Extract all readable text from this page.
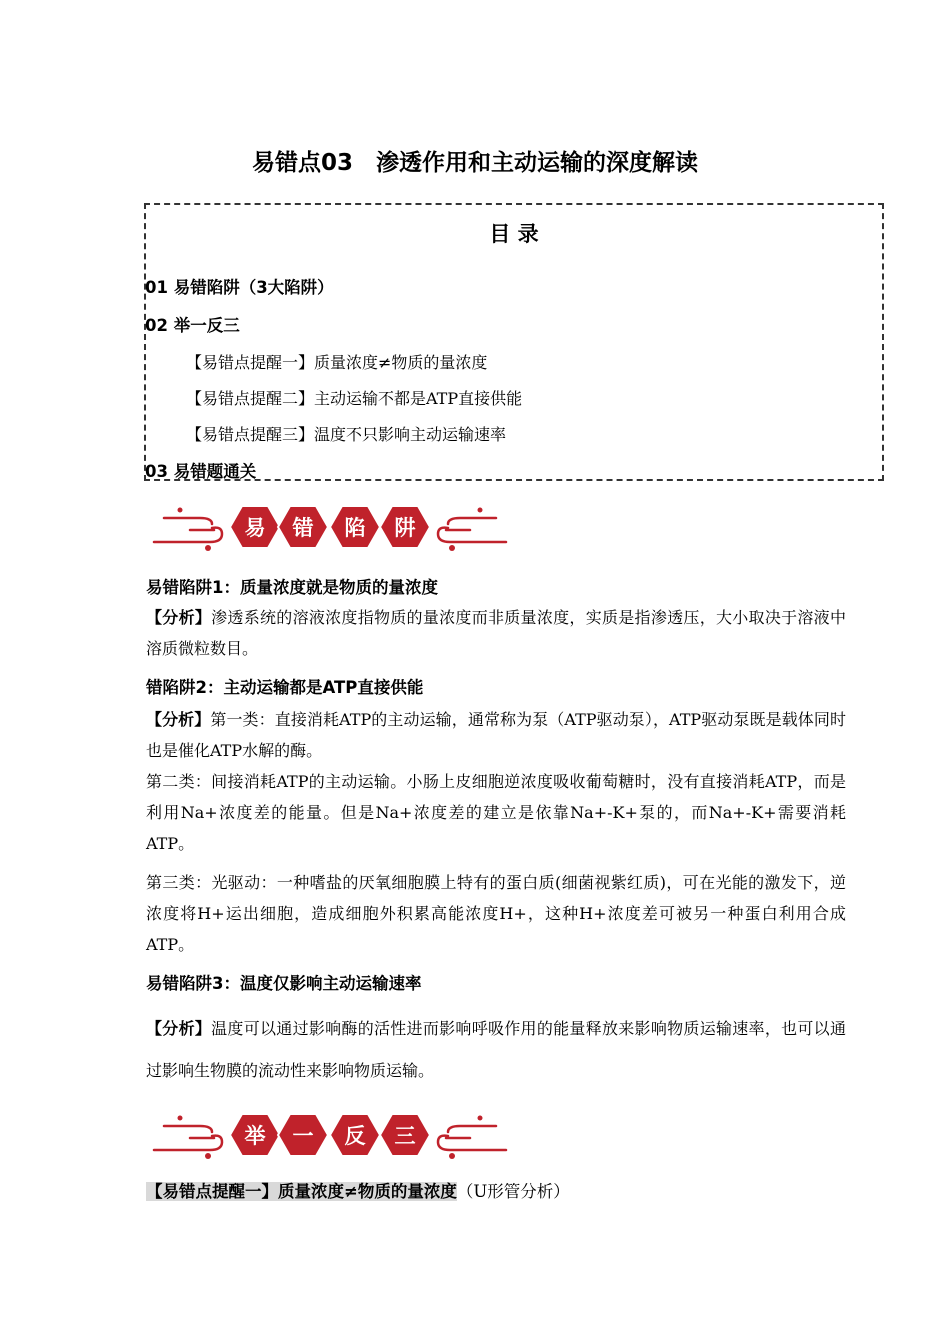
易错点03　渗透作用和主动运输的深度解读
目 录
01 易错陷阱（3大陷阱）
02 举一反三
【易错点提醒一】质量浓度≠物质的量浓度
【易错点提醒二】主动运输不都是ATP直接供能
【易错点提醒三】温度不只影响主动运输速率
03 易错题通关
易 错 陷 阱
易错陷阱1：质量浓度就是物质的量浓度
【分析】渗透系统的溶液浓度指物质的量浓度而非质量浓度，实质是指渗透压，大小取决于溶液中溶质微粒数目。
错陷阱2：主动运输都是ATP直接供能
【分析】第一类：直接消耗ATP的主动运输，通常称为泵（ATP驱动泵），ATP驱动泵既是载体同时也是催化ATP水解的酶。
第二类：间接消耗ATP的主动运输。小肠上皮细胞逆浓度吸收葡萄糖时，没有直接消耗ATP，而是利用Na+浓度差的能量。但是Na+浓度差的建立是依靠Na+-K+泵的，而Na+-K+需要消耗ATP。
第三类：光驱动：一种嗜盐的厌氧细胞膜上特有的蛋白质(细菌视紫红质)，可在光能的激发下，逆浓度将H+运出细胞，造成细胞外积累高能浓度H+，这种H+浓度差可被另一种蛋白利用合成ATP。
易错陷阱3：温度仅影响主动运输速率
【分析】温度可以通过影响酶的活性进而影响呼吸作用的能量释放来影响物质运输速率，也可以通过影响生物膜的流动性来影响物质运输。
举 一 反 三
【易错点提醒一】质量浓度≠物质的量浓度（U形管分析）
